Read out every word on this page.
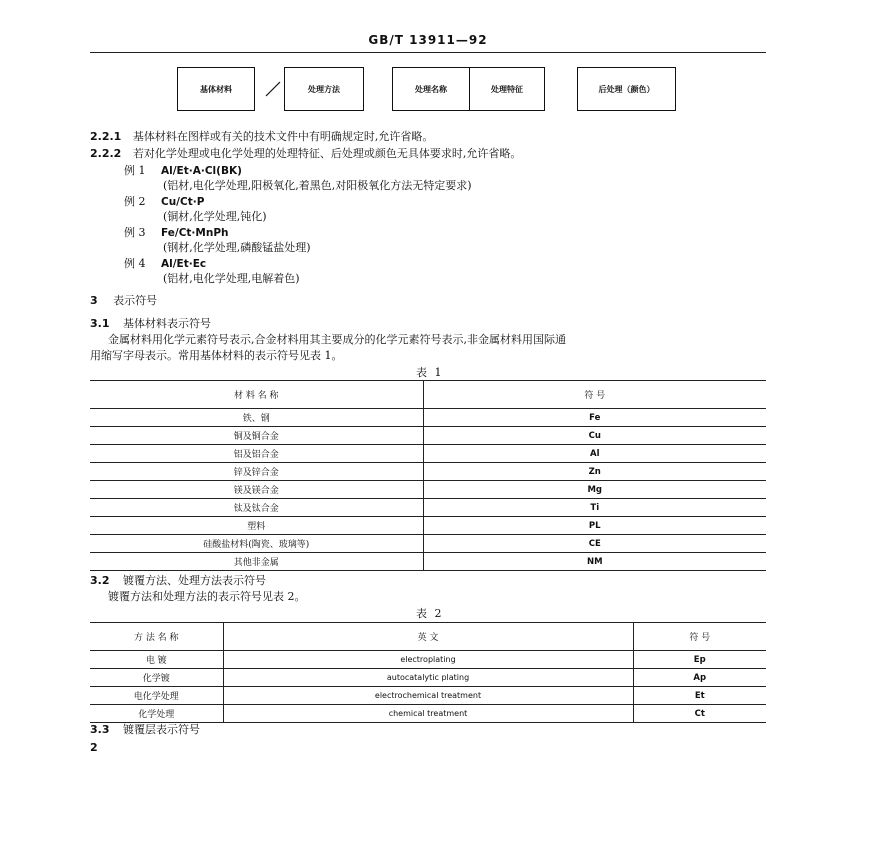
GB/T 13911—92
基体材料	处理方法	处理名称	处理特征	后处理（颜色）
2.2.1 基体材料在图样或有关的技术文件中有明确规定时,允许省略。
2.2.2 若对化学处理或电化学处理的处理特征、后处理或颜色无具体要求时,允许省略。
例 1 Al/Et·A·Cl(BK)
(铝材,电化学处理,阳极氧化,着黑色,对阳极氧化方法无特定要求)
例 2 Cu/Ct·P
(铜材,化学处理,钝化)
例 3 Fe/Ct·MnPh
(钢材,化学处理,磷酸锰盐处理)
例 4 Al/Et·Ec
(铝材,电化学处理,电解着色)
3 表示符号
3.1 基体材料表示符号
金属材料用化学元素符号表示,合金材料用其主要成分的化学元素符号表示,非金属材料用国际通
用缩写字母表示。常用基体材料的表示符号见表 1。
表 1
材 料 名 称	符 号
铁、钢	Fe
铜及铜合金	Cu
铝及铝合金	Al
锌及锌合金	Zn
镁及镁合金	Mg
钛及钛合金	Ti
塑料	PL
硅酸盐材料(陶瓷、玻璃等)	CE
其他非金属	NM
3.2 镀覆方法、处理方法表示符号
镀覆方法和处理方法的表示符号见表 2。
表 2
方 法 名 称	英 文	符 号
电 镀	electroplating	Ep
化学镀	autocatalytic plating	Ap
电化学处理	electrochemical treatment	Et
化学处理	chemical treatment	Ct
3.3 镀覆层表示符号
2
